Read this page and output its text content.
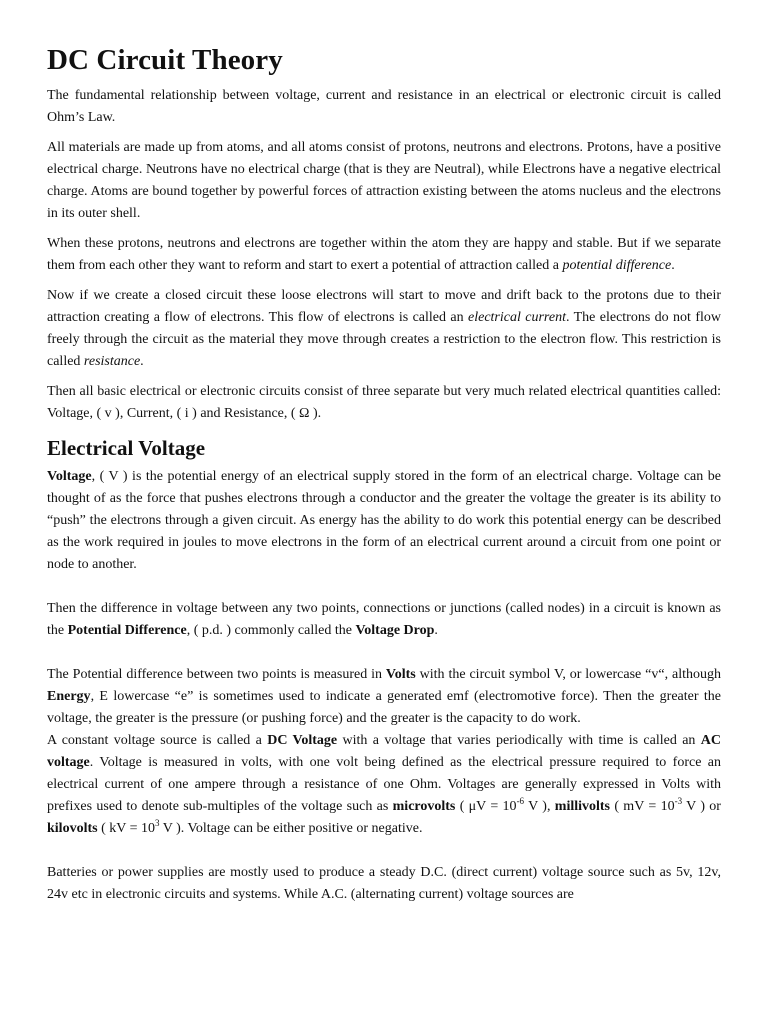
DC Circuit Theory

The fundamental relationship between voltage, current and resistance in an electrical or electronic circuit is called Ohm’s Law.

All materials are made up from atoms, and all atoms consist of protons, neutrons and electrons. Protons, have a positive electrical charge. Neutrons have no electrical charge (that is they are Neutral), while Electrons have a negative electrical charge. Atoms are bound together by powerful forces of attraction existing between the atoms nucleus and the electrons in its outer shell.

When these protons, neutrons and electrons are together within the atom they are happy and stable. But if we separate them from each other they want to reform and start to exert a potential of attraction called a potential difference.

Now if we create a closed circuit these loose electrons will start to move and drift back to the protons due to their attraction creating a flow of electrons. This flow of electrons is called an electrical current. The electrons do not flow freely through the circuit as the material they move through creates a restriction to the electron flow. This restriction is called resistance.

Then all basic electrical or electronic circuits consist of three separate but very much related electrical quantities called: Voltage, ( v ), Current, ( i ) and Resistance, ( Ω ).

Electrical Voltage

Voltage, ( V ) is the potential energy of an electrical supply stored in the form of an electrical charge. Voltage can be thought of as the force that pushes electrons through a conductor and the greater the voltage the greater is its ability to “push” the electrons through a given circuit. As energy has the ability to do work this potential energy can be described as the work required in joules to move electrons in the form of an electrical current around a circuit from one point or node to another.

Then the difference in voltage between any two points, connections or junctions (called nodes) in a circuit is known as the Potential Difference, ( p.d. ) commonly called the Voltage Drop.

The Potential difference between two points is measured in Volts with the circuit symbol V, or lowercase “v“, although Energy, E lowercase “e” is sometimes used to indicate a generated emf (electromotive force). Then the greater the voltage, the greater is the pressure (or pushing force) and the greater is the capacity to do work.

A constant voltage source is called a DC Voltage with a voltage that varies periodically with time is called an AC voltage. Voltage is measured in volts, with one volt being defined as the electrical pressure required to force an electrical current of one ampere through a resistance of one Ohm. Voltages are generally expressed in Volts with prefixes used to denote sub-multiples of the voltage such as microvolts ( $\mu V = 10^{-6}$ V ), millivolts ( mV = $10^{-3}$ V ) or kilovolts ( kV = $10^3$ V ). Voltage can be either positive or negative.

Batteries or power supplies are mostly used to produce a steady D.C. (direct current) voltage source such as 5v, 12v, 24v etc in electronic circuits and systems. While A.C. (alternating current) voltage sources are
